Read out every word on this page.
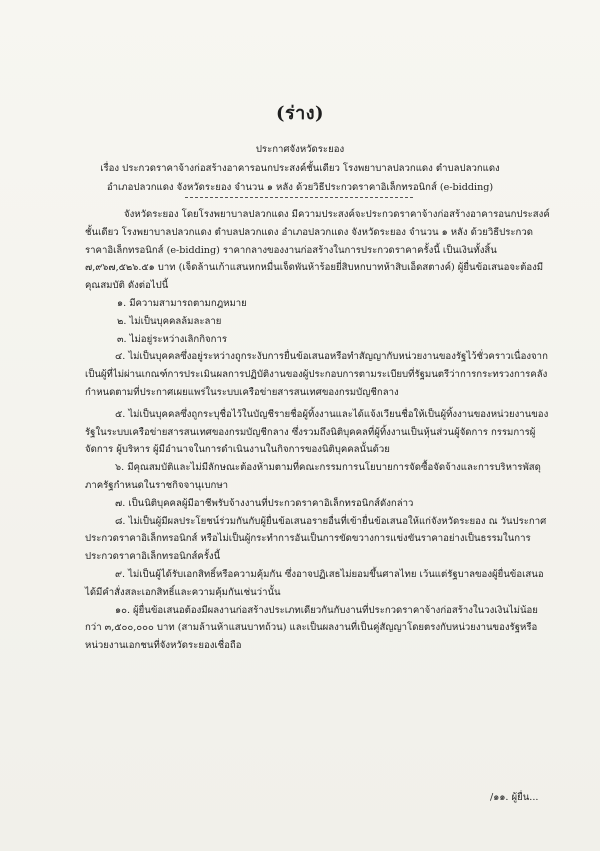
(ร่าง)
ประกาศจังหวัดระยอง
เรื่อง ประกวดราคาจ้างก่อสร้างอาคารอนกประสงค์ชั้นเดียว โรงพยาบาลปลวกแดง ตำบลปลวกแดง
อำเภอปลวกแดง จังหวัดระยอง จำนวน ๑ หลัง ด้วยวิธีประกวดราคาอิเล็กทรอนิกส์ (e-bidding)

จังหวัดระยอง โดยโรงพยาบาลปลวกแดง มีความประสงค์จะประกวดราคาจ้างก่อสร้างอาคารอนกประสงค์ชั้นเดียว โรงพยาบาลปลวกแดง ตำบลปลวกแดง อำเภอปลวกแดง จังหวัดระยอง จำนวน ๑ หลัง ด้วยวิธีประกวดราคาอิเล็กทรอนิกส์ (e-bidding) ราคากลางของงานก่อสร้างในการประกวดราคาครั้งนี้ เป็นเงินทั้งสิ้น ๗,๙๖๗,๕๒๖.๕๑ บาท (เจ็ดล้านเก้าแสนหกหมื่นเจ็ดพันห้าร้อยยี่สิบหกบาทห้าสิบเอ็ดสตางค์) ผู้ยื่นข้อเสนอจะต้องมีคุณสมบัติ ดังต่อไปนี้

๑. มีความสามารถตามกฎหมาย

๒. ไม่เป็นบุคคลล้มละลาย

๓. ไม่อยู่ระหว่างเลิกกิจการ

๔. ไม่เป็นบุคคลซึ่งอยู่ระหว่างถูกระงับการยื่นข้อเสนอหรือทำสัญญากับหน่วยงานของรัฐไว้ชั่วคราวเนื่องจากเป็นผู้ที่ไม่ผ่านเกณฑ์การประเมินผลการปฏิบัติงานของผู้ประกอบการตามระเบียบที่รัฐมนตรีว่าการกระทรวงการคลังกำหนดตามที่ประกาศเผยแพร่ในระบบเครือข่ายสารสนเทศของกรมบัญชีกลาง

๕. ไม่เป็นบุคคลซึ่งถูกระบุชื่อไว้ในบัญชีรายชื่อผู้ทิ้งงานและได้แจ้งเวียนชื่อให้เป็นผู้ทิ้งงานของหน่วยงานของรัฐในระบบเครือข่ายสารสนเทศของกรมบัญชีกลาง ซึ่งรวมถึงนิติบุคคลที่ผู้ทิ้งงานเป็นหุ้นส่วนผู้จัดการ กรรมการผู้จัดการ ผู้บริหาร ผู้มีอำนาจในการดำเนินงานในกิจการของนิติบุคคลนั้นด้วย

๖. มีคุณสมบัติและไม่มีลักษณะต้องห้ามตามที่คณะกรรมการนโยบายการจัดซื้อจัดจ้างและการบริหารพัสดุภาครัฐกำหนดในราชกิจจานุเบกษา

๗. เป็นนิติบุคคลผู้มีอาชีพรับจ้างงานที่ประกวดราคาอิเล็กทรอนิกส์ดังกล่าว

๘. ไม่เป็นผู้มีผลประโยชน์ร่วมกันกับผู้ยื่นข้อเสนอรายอื่นที่เข้ายื่นข้อเสนอให้แก่จังหวัดระยอง ณ วันประกาศประกวดราคาอิเล็กทรอนิกส์ หรือไม่เป็นผู้กระทำการอันเป็นการขัดขวางการแข่งขันราคาอย่างเป็นธรรมในการประกวดราคาอิเล็กทรอนิกส์ครั้งนี้

๙. ไม่เป็นผู้ได้รับเอกสิทธิ์หรือความคุ้มกัน ซึ่งอาจปฏิเสธไม่ยอมขึ้นศาลไทย เว้นแต่รัฐบาลของผู้ยื่นข้อเสนอได้มีคำสั่งสละเอกสิทธิ์และความคุ้มกันเช่นว่านั้น

๑๐. ผู้ยื่นข้อเสนอต้องมีผลงานก่อสร้างประเภทเดียวกันกับงานที่ประกวดราคาจ้างก่อสร้างในวงเงินไม่น้อยกว่า ๓,๕๐๐,๐๐๐ บาท (สามล้านห้าแสนบาทถ้วน) และเป็นผลงานที่เป็นคู่สัญญาโดยตรงกับหน่วยงานของรัฐหรือหน่วยงานเอกชนที่จังหวัดระยองเชื่อถือ

/๑๑. ผู้ยื่น...
